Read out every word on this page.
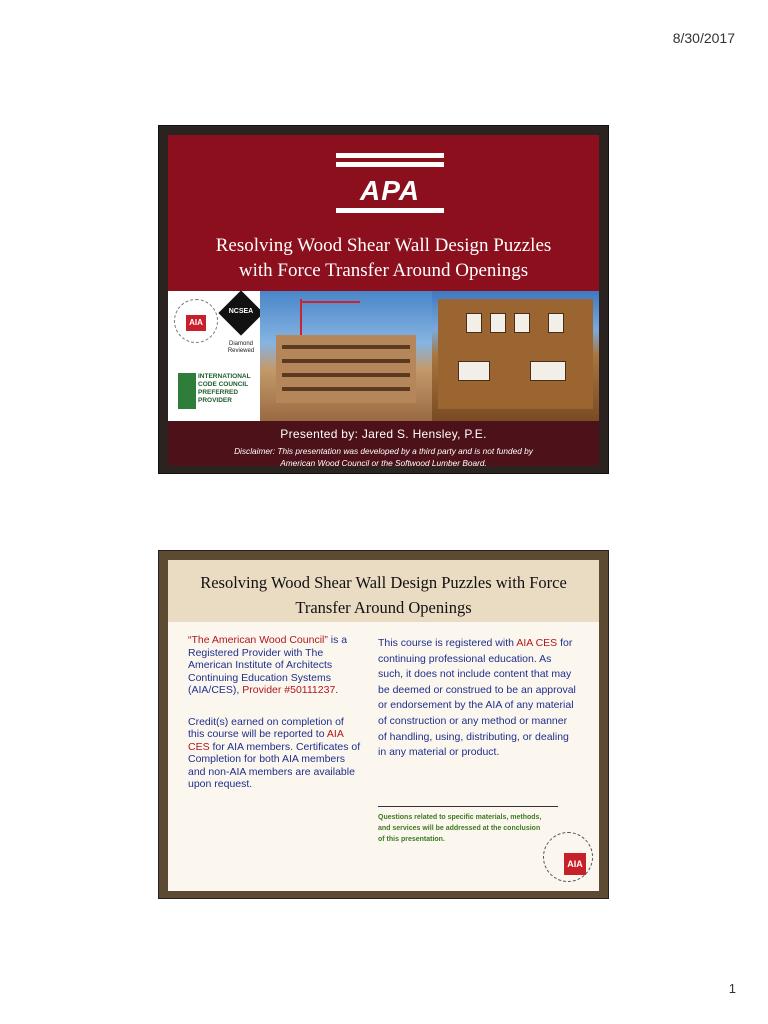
8/30/2017
APA
Resolving Wood Shear Wall Design Puzzles
with Force Transfer Around Openings
AIA
NCSEA
Diamond
Reviewed
INTERNATIONAL
CODE COUNCIL
PREFERRED
PROVIDER
Presented by: Jared S. Hensley, P.E.
Disclaimer: This presentation was developed by a third party and is not funded by
American Wood Council or the Softwood Lumber Board.
Resolving Wood Shear Wall Design Puzzles with Force
Transfer Around Openings
“The American Wood Council” is a Registered Provider with The American Institute of Architects Continuing Education Systems (AIA/CES), Provider #50111237.
Credit(s) earned on completion of this course will be reported to AIA CES for AIA members. Certificates of Completion for both AIA members and non-AIA members are available upon request.
This course is registered with AIA CES for continuing professional education. As such, it does not include content that may be deemed or construed to be an approval or endorsement by the AIA of any material of construction or any method or manner of handling, using, distributing, or dealing in any material or product.
Questions related to specific materials, methods, and services will be addressed at the conclusion of this presentation.
AIA
1
